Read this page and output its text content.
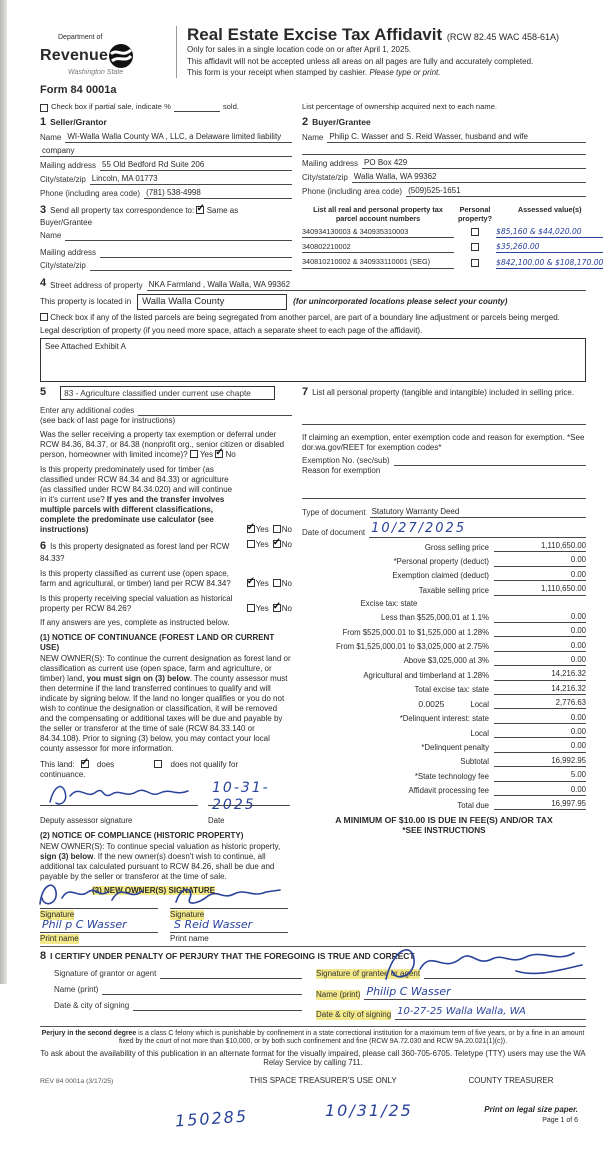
Department of
Revenue
Washington State
Form 84 0001a
Real Estate Excise Tax Affidavit (RCW 82.45 WAC 458-61A)
Only for sales in a single location code on or after April 1, 2025.
This affidavit will not be accepted unless all areas on all pages are fully and accurately completed.
This form is your receipt when stamped by cashier. Please type or print.
Check box if partial sale, indicate %	sold.	List percentage of ownership acquired next to each name.
1 Seller/Grantor
Name WI-Walla Walla County WA , LLC, a Delaware limited liability
company
Mailing address 55 Old Bedford Rd Suite 206
City/state/zip Lincoln, MA 01773
Phone (including area code) (781) 538-4998
2 Buyer/Grantee
Name Philip C. Wasser and S. Reid Wasser, husband and wife
Mailing address PO Box 429
City/state/zip Walla Walla, WA 99362
Phone (including area code) (509)525-1651
3 Send all property tax correspondence to: ✓ Same as Buyer/Grantee
Name
Mailing address
City/state/zip
List all real and personal property tax parcel account numbers
Personal property?
Assessed value(s)
340934130003 & 340935310003	$85,160 & $44,020.00
340802210002	$35,260.00
340810210002 & 340933110001 (SEG)	$842,100.00 & $108,170.00
4 Street address of property NKA Farmland , Walla Walla, WA 99362
This property is located in	Walla Walla County	(for unincorporated locations please select your county)
Check box if any of the listed parcels are being segregated from another parcel, are part of a boundary line adjustment or parcels being merged.
Legal description of property (if you need more space, attach a separate sheet to each page of the affidavit).
See Attached Exhibit A
5	83 - Agriculture classified under current use chapte
Enter any additional codes
(see back of last page for instructions)
Was the seller receiving a property tax exemption or deferral under RCW 84.36, 84.37, or 84.38 (nonprofit org., senior citizen or disabled person, homeowner with limited income)? Yes ✓ No
Is this property predominately used for timber (as classified under RCW 84.34 and 84.33) or agriculture (as classified under RCW 84.34.020) and will continue in it's current use? If yes and the transfer involves multiple parcels with different classifications, complete the predominate use calculator (see instructions) ✓	Yes No
6 Is this property designated as forest land per RCW 84.33?
Yes ✓ No
Is this property classified as current use (open space, farm and agricultural, or timber) land per RCW 84.34? ✓	Yes No
Is this property receiving special valuation as historical property per RCW 84.26?	Yes ✓ No
If any answers are yes, complete as instructed below.
(1) NOTICE OF CONTINUANCE (FOREST LAND OR CURRENT USE)
NEW OWNER(S): To continue the current designation as forest land or classification as current use (open space, farm and agriculture, or timber) land, you must sign on (3) below. The county assessor must then determine if the land transferred continues to qualify and will indicate by signing below. If the land no longer qualifies or you do not wish to continue the designation or classification, it will be removed and the compensating or additional taxes will be due and payable by the seller or transferor at the time of sale (RCW 84.33.140 or 84.34.108). Prior to signing (3) below, you may contact your local county assessor for more information.
This land: ✓	does	does not qualify for
continuance.
10-31-2025
Deputy assessor signature	Date
(2) NOTICE OF COMPLIANCE (HISTORIC PROPERTY)
NEW OWNER(S): To continue special valuation as historic property, sign (3) below. If the new owner(s) doesn't wish to continue, all additional tax calculated pursuant to RCW 84.26, shall be due and payable by the seller or transferor at the time of sale.
(3) NEW OWNER(S) SIGNATURE
Signature	Signature
Phil p C Wasser	S Reid Wasser
Print name	Print name
7 List all personal property (tangible and intangible) included in selling price.
If claiming an exemption, enter exemption code and reason for exemption. *See dor.wa.gov/REET for exemption codes*
Exemption No. (sec/sub)
Reason for exemption
Type of document Statutory Warranty Deed
Date of document 10/27/2025
Gross selling price	1,110,650.00
*Personal property (deduct)	0.00
Exemption claimed (deduct)	0.00
Taxable selling price	1,110,650.00
Excise tax: state
Less than $525,000.01 at 1.1%	0.00
From $525,000.01 to $1,525,000 at 1.28%	0.00
From $1,525,000.01 to $3,025,000 at 2.75%	0.00
Above $3,025,000 at 3%	0.00
Agricultural and timberland at 1.28%	14,216.32
Total excise tax: state	14,216.32
0.0025	Local	2,776.63
*Delinquent interest: state	0.00
Local	0.00
*Delinquent penalty	0.00
Subtotal	16,992.95
*State technology fee	5.00
Affidavit processing fee	0.00
Total due	16,997.95
A MINIMUM OF $10.00 IS DUE IN FEE(S) AND/OR TAX
*SEE INSTRUCTIONS
8 I CERTIFY UNDER PENALTY OF PERJURY THAT THE FOREGOING IS TRUE AND CORRECT
Signature of grantor or agent
Name (print)
Date & city of signing
Signature of grantee or agent
Name (print) Philip C Wasser
Date & city of signing 10-27-25 Walla Walla, WA
Perjury in the second degree is a class C felony which is punishable by confinement in a state correctional institution for a maximum term of five years, or by a fine in an amount fixed by the court of not more than $10,000, or by both such confinement and fine (RCW 9A.72.030 and RCW 9A.20.021(1)(c)).
To ask about the availability of this publication in an alternate format for the visually impaired, please call 360-705-6705. Teletype (TTY) users may use the WA Relay Service by calling 711.
REV 84 0001a (3/17/25)	THIS SPACE TREASURER'S USE ONLY	COUNTY TREASURER
150285	10/31/25	Print on legal size paper.
Page 1 of 6
